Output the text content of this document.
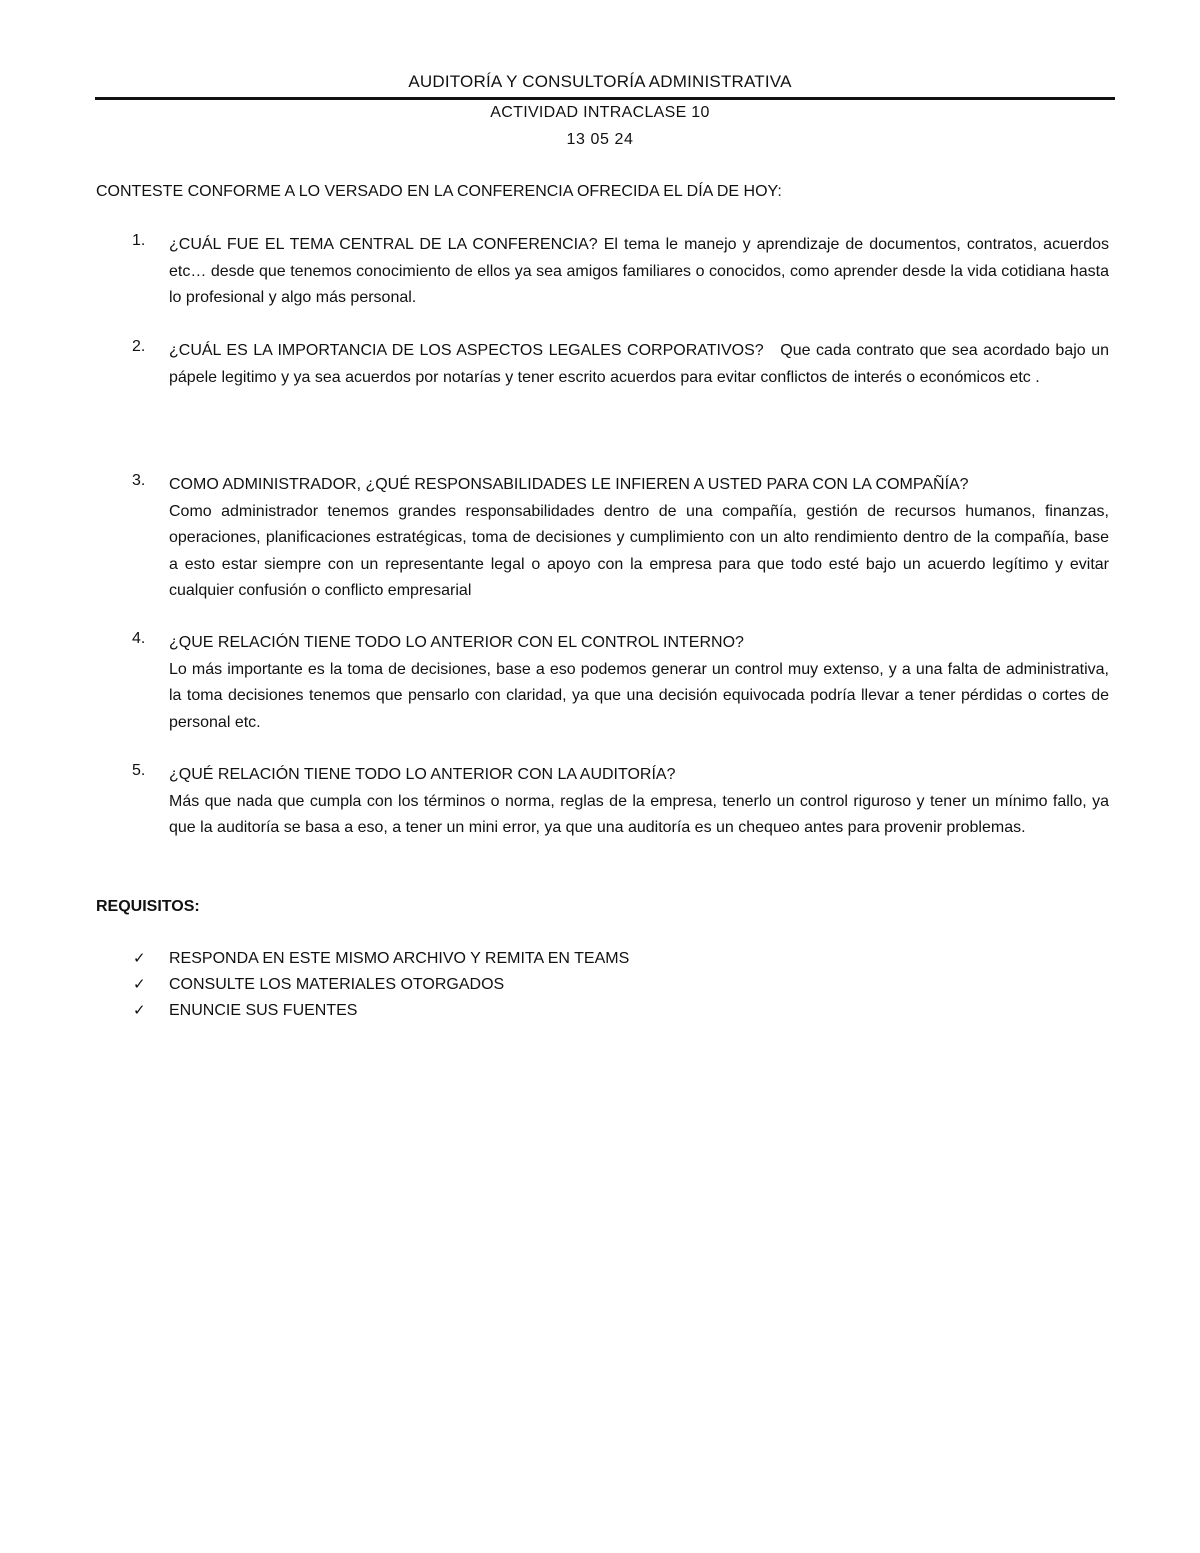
AUDITORÍA Y CONSULTORÍA ADMINISTRATIVA
ACTIVIDAD INTRACLASE 10
13 05 24
CONTESTE CONFORME A LO VERSADO EN LA CONFERENCIA OFRECIDA EL DÍA DE HOY:
1. ¿CUÁL FUE EL TEMA CENTRAL DE LA CONFERENCIA? El tema le manejo y aprendizaje de documentos, contratos, acuerdos etc… desde que tenemos conocimiento de ellos ya sea amigos familiares o conocidos, como aprender desde la vida cotidiana hasta lo profesional y algo más personal.
2. ¿CUÁL ES LA IMPORTANCIA DE LOS ASPECTOS LEGALES CORPORATIVOS? Que cada contrato que sea acordado bajo un pápele legitimo y ya sea acuerdos por notarías y tener escrito acuerdos para evitar conflictos de interés o económicos etc .
3. COMO ADMINISTRADOR, ¿QUÉ RESPONSABILIDADES LE INFIEREN A USTED PARA CON LA COMPAÑÍA?
Como administrador tenemos grandes responsabilidades dentro de una compañía, gestión de recursos humanos, finanzas, operaciones, planificaciones estratégicas, toma de decisiones y cumplimiento con un alto rendimiento dentro de la compañía, base a esto estar siempre con un representante legal o apoyo con la empresa para que todo esté bajo un acuerdo legítimo y evitar cualquier confusión o conflicto empresarial
4. ¿QUE RELACIÓN TIENE TODO LO ANTERIOR CON EL CONTROL INTERNO?
Lo más importante es la toma de decisiones, base a eso podemos generar un control muy extenso, y a una falta de administrativa, la toma decisiones tenemos que pensarlo con claridad, ya que una decisión equivocada podría llevar a tener pérdidas o cortes de personal etc.
5. ¿QUÉ RELACIÓN TIENE TODO LO ANTERIOR CON LA AUDITORÍA?
Más que nada que cumpla con los términos o norma, reglas de la empresa, tenerlo un control riguroso y tener un mínimo fallo, ya que la auditoría se basa a eso, a tener un mini error, ya que una auditoría es un chequeo antes para provenir problemas.
REQUISITOS:
✓ RESPONDA EN ESTE MISMO ARCHIVO Y REMITA EN TEAMS
✓ CONSULTE LOS MATERIALES OTORGADOS
✓ ENUNCIE SUS FUENTES
